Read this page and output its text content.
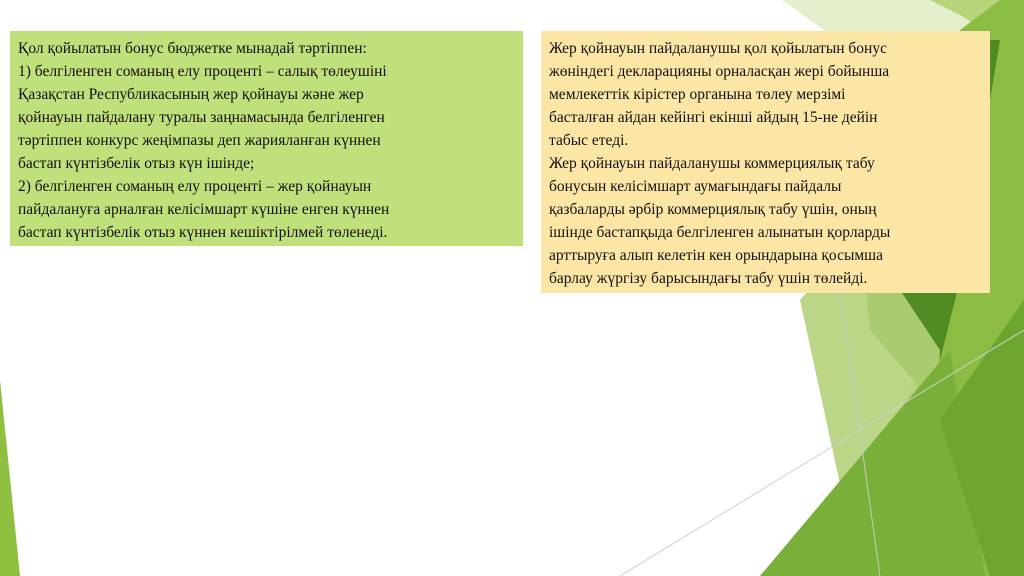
Қол қойылатын бонус бюджетке мынадай тәртіппен:

1) белгіленген соманың елу проценті – салық төлеушіні

Қазақстан Республикасының жер қойнауы және жер

қойнауын пайдалану туралы заңнамасында белгіленген

тәртіппен конкурс жеңімпазы деп жарияланған күннен

бастап күнтізбелік отыз күн ішінде;

2) белгіленген соманың елу проценті – жер қойнауын

пайдалануға арналған келісімшарт күшіне енген күннен

бастап күнтізбелік отыз күннен кешіктірілмей төленеді.

Жер қойнауын пайдаланушы қол қойылатын бонус

жөніндегі декларацияны орналасқан жері бойынша

мемлекеттік кірістер органына төлеу мерзімі

басталған айдан кейінгі екінші айдың 15-не дейін

табыс етеді.

Жер қойнауын пайдаланушы коммерциялық табу

бонусын келісімшарт аумағындағы пайдалы

қазбаларды әрбір коммерциялық табу үшін, оның

ішінде бастапқыда белгіленген алынатын қорларды

арттыруға алып келетін кен орындарына қосымша

барлау жүргізу барысындағы табу үшін төлейді.
